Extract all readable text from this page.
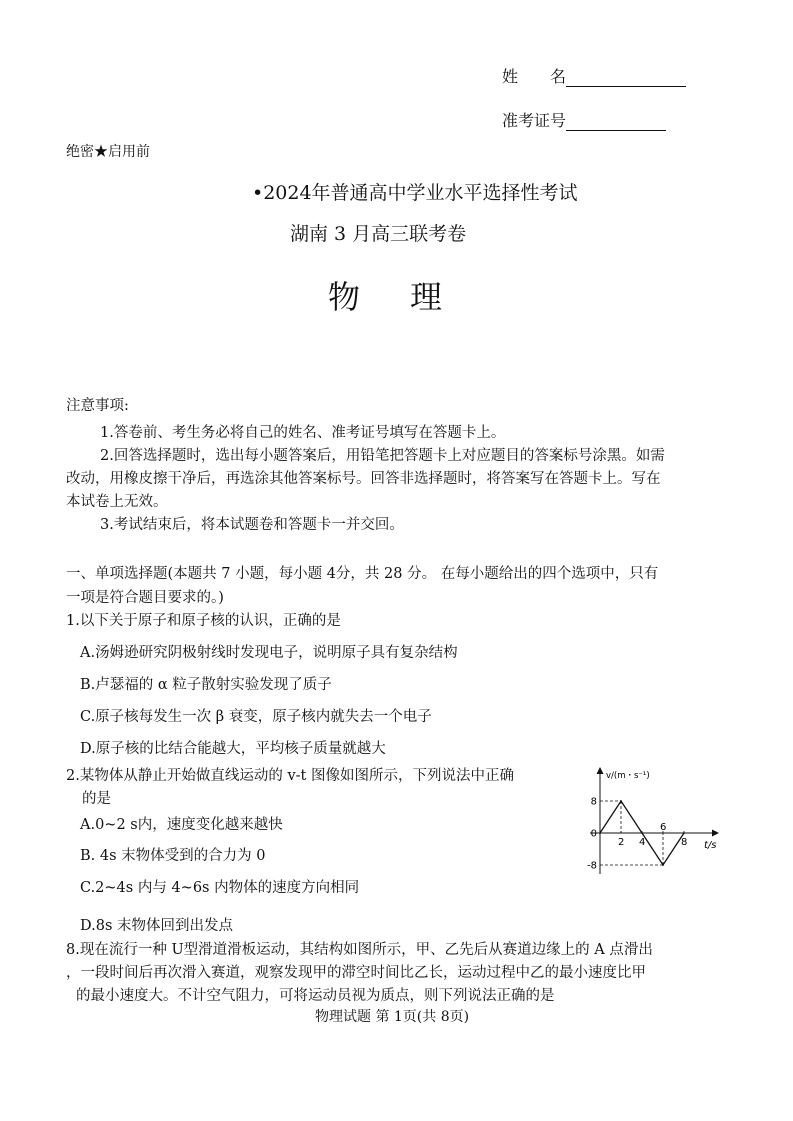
姓　　名
准考证号
绝密★启用前
•2024年普通高中学业水平选择性考试
湖南 3 月高三联考卷
物 理
注意事项:
1.答卷前、考生务必将自己的姓名、准考证号填写在答题卡上。
2.回答选择题时，选出每小题答案后，用铅笔把答题卡上对应题目的答案标号涂黑。如需
改动，用橡皮擦干净后，再选涂其他答案标号。回答非选择题时，将答案写在答题卡上。写在
本试卷上无效。
3.考试结束后，将本试题卷和答题卡一并交回。
一、单项选择题(本题共 7 小题，每小题 4分，共 28 分。 在每小题给出的四个选项中，只有
一项是符合题目要求的。)
1.以下关于原子和原子核的认识，正确的是
A.汤姆逊研究阴极射线时发现电子，说明原子具有复杂结构
B.卢瑟福的 α 粒子散射实验发现了质子
C.原子核每发生一次 β 衰变，原子核内就失去一个电子
D.原子核的比结合能越大，平均核子质量就越大
2.某物体从静止开始做直线运动的 v-t 图像如图所示，下列说法中正确
的是
A.0~2 s内，速度变化越来越快
B. 4s 末物体受到的合力为 0
C.2~4s 内与 4~6s 内物体的速度方向相同
D.8s 末物体回到出发点
v/(m・s⁻¹)
t/s
2 4
6
8
8
0
-8
8.现在流行一种 U型滑道滑板运动，其结构如图所示，甲、乙先后从赛道边缘上的 A 点滑出
，一段时间后再次滑入赛道，观察发现甲的滞空时间比乙长，运动过程中乙的最小速度比甲
的最小速度大。不计空气阻力，可将运动员视为质点，则下列说法正确的是
物理试题 第 1页(共 8页)
